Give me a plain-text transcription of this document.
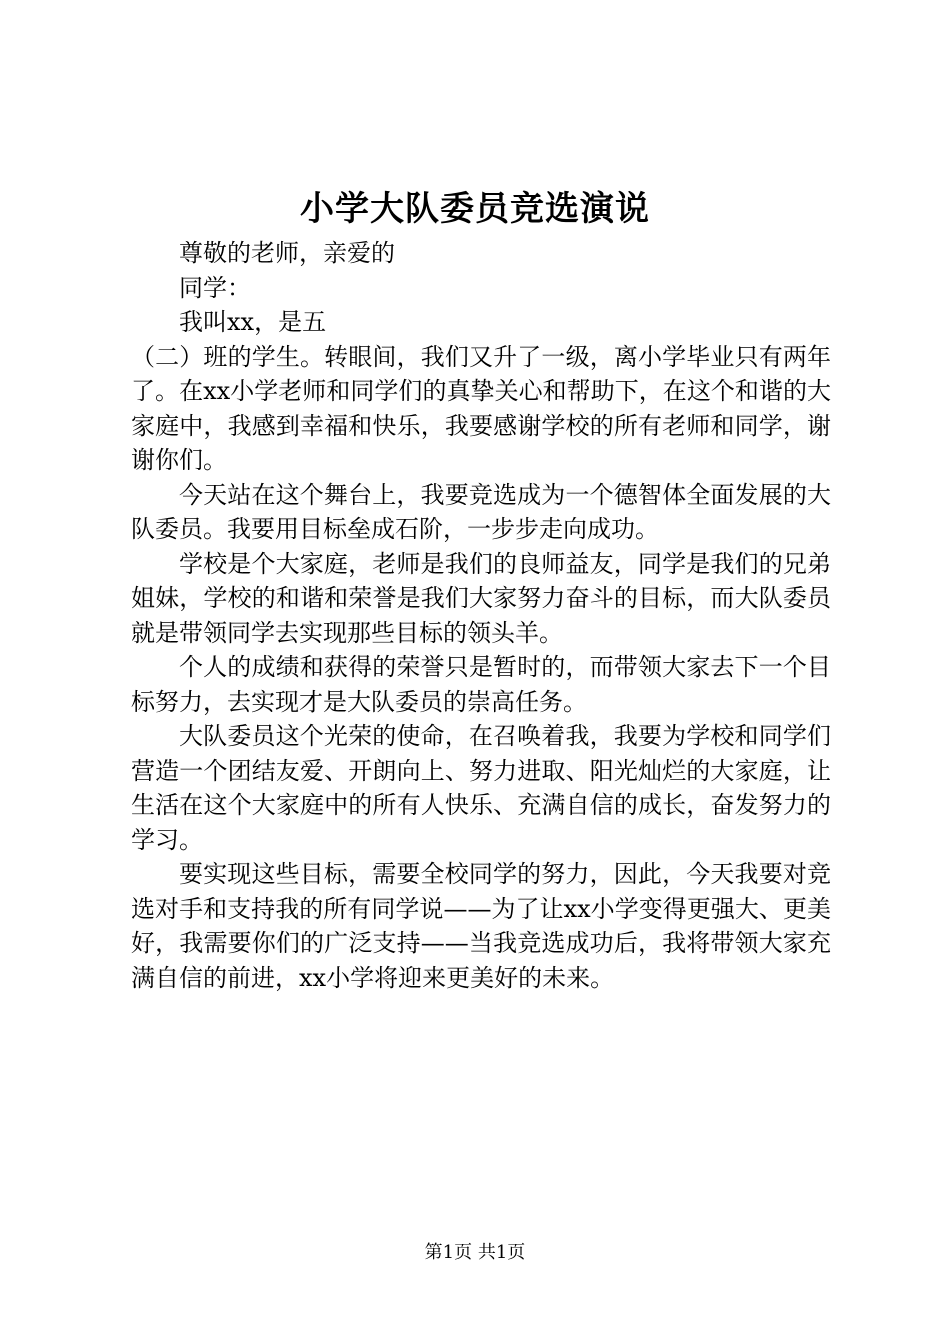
小学大队委员竞选演说

尊敬的老师，亲爱的

同学：

我叫xx，是五

（二）班的学生。转眼间，我们又升了一级，离小学毕业只有两年了。在xx小学老师和同学们的真挚关心和帮助下，在这个和谐的大家庭中，我感到幸福和快乐，我要感谢学校的所有老师和同学，谢谢你们。

今天站在这个舞台上，我要竞选成为一个德智体全面发展的大队委员。我要用目标垒成石阶，一步步走向成功。

学校是个大家庭，老师是我们的良师益友，同学是我们的兄弟姐妹，学校的和谐和荣誉是我们大家努力奋斗的目标，而大队委员就是带领同学去实现那些目标的领头羊。

个人的成绩和获得的荣誉只是暂时的，而带领大家去下一个目标努力，去实现才是大队委员的崇高任务。

大队委员这个光荣的使命，在召唤着我，我要为学校和同学们营造一个团结友爱、开朗向上、努力进取、阳光灿烂的大家庭，让生活在这个大家庭中的所有人快乐、充满自信的成长，奋发努力的学习。

要实现这些目标，需要全校同学的努力，因此，今天我要对竞选对手和支持我的所有同学说——为了让xx小学变得更强大、更美好，我需要你们的广泛支持——当我竞选成功后，我将带领大家充满自信的前进，xx小学将迎来更美好的未来。

第1页 共1页
